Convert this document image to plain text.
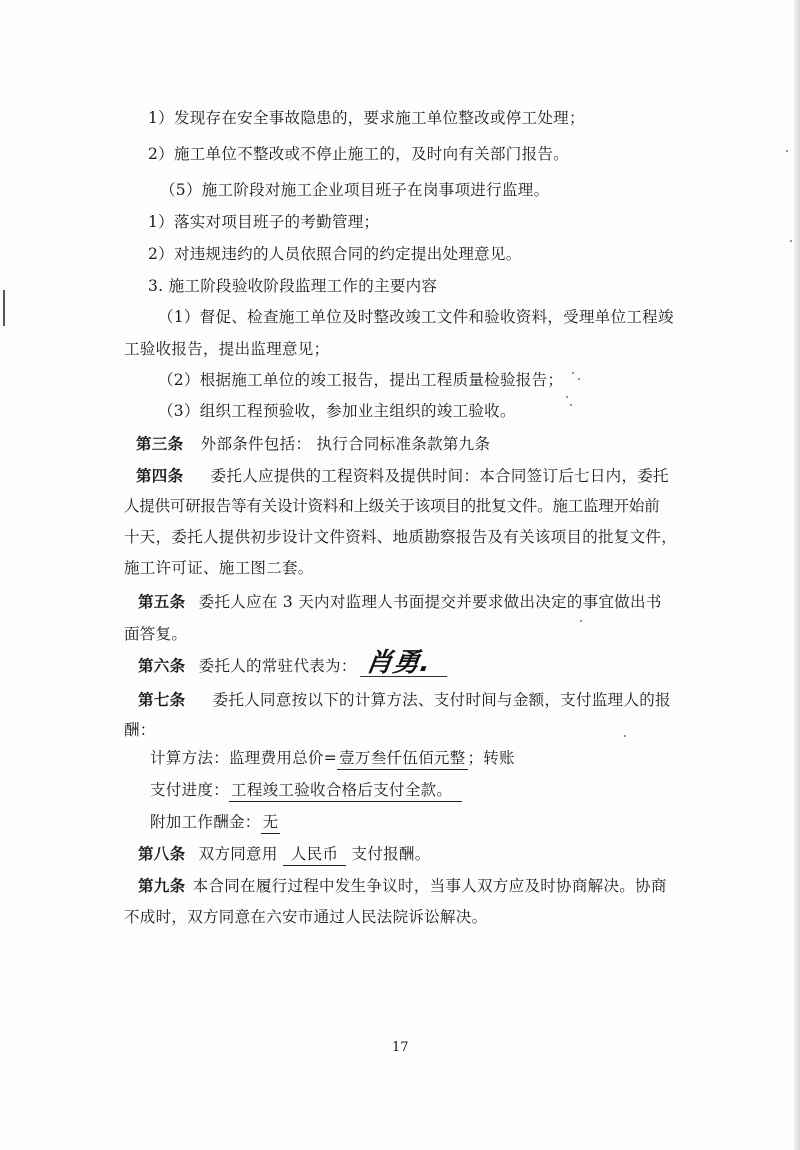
1）发现存在安全事故隐患的，要求施工单位整改或停工处理；
2）施工单位不整改或不停止施工的，及时向有关部门报告。
（5）施工阶段对施工企业项目班子在岗事项进行监理。
1）落实对项目班子的考勤管理；
2）对违规违约的人员依照合同的约定提出处理意见。
3. 施工阶段验收阶段监理工作的主要内容
（1）督促、检查施工单位及时整改竣工文件和验收资料，受理单位工程竣
工验收报告，提出监理意见；
（2）根据施工单位的竣工报告，提出工程质量检验报告；
（3）组织工程预验收，参加业主组织的竣工验收。
第三条 外部条件包括： 执行合同标准条款第九条
第四条 委托人应提供的工程资料及提供时间：本合同签订后七日内，委托
人提供可研报告等有关设计资料和上级关于该项目的批复文件。施工监理开始前
十天，委托人提供初步设计文件资料、地质勘察报告及有关该项目的批复文件，
施工许可证、施工图二套。
第五条 委托人应在 3 天内对监理人书面提交并要求做出决定的事宜做出书
面答复。
第六条 委托人的常驻代表为： 肖勇.
第七条 委托人同意按以下的计算方法、支付时间与金额，支付监理人的报
酬：
计算方法：监理费用总价= 壹万叁仟伍佰元整 ；转账
支付进度： 工程竣工验收合格后支付全款。
附加工作酬金： 无
第八条 双方同意用 人民币 支付报酬。
第九条 本合同在履行过程中发生争议时，当事人双方应及时协商解决。协商
不成时，双方同意在六安市通过人民法院诉讼解决。
17
